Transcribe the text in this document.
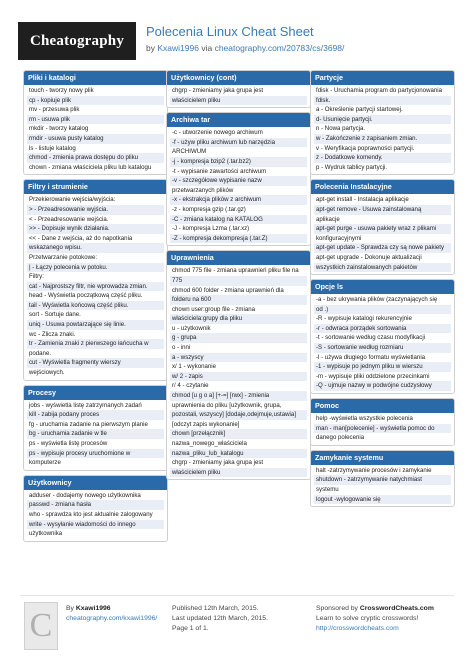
Cheatography
Polecenia Linux Cheat Sheet
by Kxawi1996 via cheatography.com/20783/cs/3698/
Pliki i katalogi
touch - tworzy nowy plik
cp - kopiuje plik
mv - przesuwa plik
rm - usuwa plik
mkdir - tworzy katalog
rmdir - usuwa pusty katalog
ls - listuje katalog
chmod - zmienia prawa dostępu do pliku
chown - zmiana właściciela pliku lub katalogu
Filtry i strumienie
Przekierowanie wejścia/wyjścia:
> - Przeadresowanie wyjścia.
< - Przeadresowanie wejścia.
>> - Dopisuje wynik działania.
<< - Dane z wejścia, aż do napotkania
wskazanego wpisu.
Przetwarzanie potokowe:
| - Łączy polecenia w potoku.
Filtry:
cat - Najprostszy filtr, nie wprowadza zmian.
head - Wyświetla początkową część pliku.
tail - Wyświetla końcową część pliku.
sort - Sortuje dane.
uniq - Usuwa powtarzające się linie.
wc - Zlicza znaki.
tr - Zamienia znaki z pierwszego łańcucha w
podane.
cut - Wyświetla fragmenty wierszy
wejściowych.
Procesy
jobs - wyświetla listę zatrzymanych zadań
kill - zabija podany proces
fg - uruchamia zadanie na pierwszym planie
bg - uruchamia zadanie w tle
ps - wyświetla listę procesów
ps - wypisuje procesy uruchomione w
komputerze
Użytkownicy
adduser - dodajemy nowego użytkownika
passwd - zmiana hasła
who - sprawdza kto jest aktualnie zalogowany
write - wysyłanie wiadomości do innego
użytkownika
Użytkownicy (cont)
chgrp - zmieniamy jaka grupa jest
właścicielem pliku
Archiwa tar
-c - utworzenie nowego archiwum
-f - używ pliku archiwum lub narzędzia
ARCHIWUM
-j - kompresja bzip2 (.tar.bz2)
-t - wypisanie zawartości archiwum
-v - szczegółowe wypisanie nazw
przetwarzanych plików
-x - ekstrakcja plików z archiwum
-z - kompresja gzip (.tar.gz)
-C - zmiana katalog na KATALOG
-J - kompresja Lzma (.tar.xz)
-Z - kompresja dekompresja (.tar.Z)
Uprawnienia
chmod 775 file - zmiana uprawnień pliku file na
775
chmod 600 folder - zmiana uprawnień dla
folderu na 600
chown user:group file - zmiana
właściciela:grupy dla pliku
u - użytkownik
g - grupa
o - inni
a - wszyscy
x/ 1 - wykonanie
w/ 2 - zapis
r/ 4 - czytanie
chmod [u g o a] [+-=] [rwx] - zmienia
uprawnienia do pliku [użytkownik, grupa,
pozostali, wszyscy] [dodaje,odejmuje,ustawia]
[odczyt zapis wykonanie]
chown [przełącznik]
nazwa_nowego_właściciela
nazwa_pliku_lub_katalogu
chgrp - zmieniamy jaka grupa jest
właścicielem pliku
Partycje
fdisk - Uruchamia program do partycjonowania
fdisk.
a - Określenie partycji startowej.
d- Usunięcie partycji.
n - Nowa partycja.
w - Zakończenie z zapisaniem zmian.
v - Weryfikacja poprawności partycji.
z - Dodatkowe komendy.
p - Wydruk tablicy partycji.
Polecenia Instalacyjne
apt-get install - Instalacja aplikacje
apt-get remove - Usuwa zainstalowaną
aplikacje
apt-get purge - usuwa pakiety wraz z plikami
konfiguracyjnymi
apt-get update - Sprawdza czy są nowe pakiety
apt-get upgrade - Dokonuje aktualizacji
wszystkich zainstalowanych pakietów
Opcje ls
-a - bez ukrywania plików (zaczynających się
od .)
-R - wypisuje katalogi rekurencyjnie
-r - odwraca porządek sortowania
-t - sortowanie według czasu modyfikacji
-S - sortowanie według rozmiaru
-l - używa długiego formatu wyświetlania
-1 - wypisuje po jednym pliku w wierszu
-m - wypisuje pliki oddzielone przecinkami
-Q - ujmuje nazwy w podwójne cudzysłowy
Pomoc
help -wyświetla wszystkie polecenia
man - man[polecenie] - wyświetla pomoc do
danego polecenia
Zamykanie systemu
halt -zatrzymywanie procesów i zamykanie
shutdown - zatrzymywanie natychmiast
systemu
logout -wylogowanie się
C	By Kxawi1996
cheatography.com/kxawi1996/
Published 12th March, 2015.
Last updated 12th March, 2015.
Page 1 of 1.
Sponsored by CrosswordCheats.com
Learn to solve cryptic crosswords!
http://crosswordcheats.com
